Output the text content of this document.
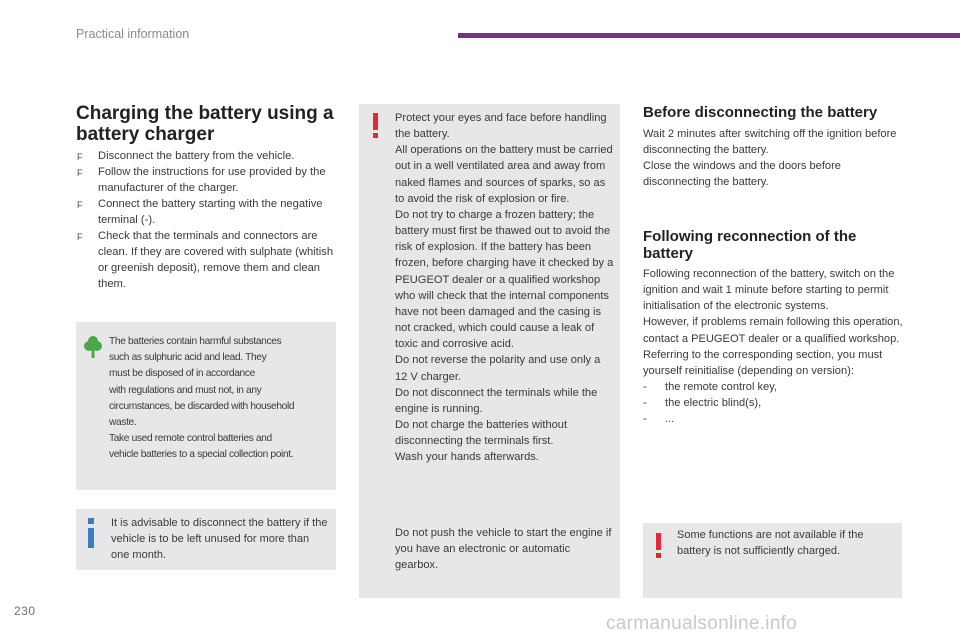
Practical information
Charging the battery using a battery charger
F Disconnect the battery from the vehicle.
F Follow the instructions for use provided by the manufacturer of the charger.
F Connect the battery starting with the negative terminal (-).
F Check that the terminals and connectors are clean. If they are covered with sulphate (whitish or greenish deposit), remove them and clean them.
The batteries contain harmful substances
such as sulphuric acid and lead. They
must be disposed of in accordance
with regulations and must not, in any
circumstances, be discarded with household
waste.
Take used remote control batteries and
vehicle batteries to a special collection point.
It is advisable to disconnect the battery if the vehicle is to be left unused for more than one month.

Protect your eyes and face before handling the battery.

All operations on the battery must be carried out in a well ventilated area and away from naked flames and sources of sparks, so as to avoid the risk of explosion or fire.

Do not try to charge a frozen battery; the battery must first be thawed out to avoid the risk of explosion. If the battery has been frozen, before charging have it checked by a PEUGEOT dealer or a qualified workshop who will check that the internal components have not been damaged and the casing is not cracked, which could cause a leak of toxic and corrosive acid.

Do not reverse the polarity and use only a 12 V charger.

Do not disconnect the terminals while the engine is running.

Do not charge the batteries without disconnecting the terminals first.

Wash your hands afterwards.

Do not push the vehicle to start the engine if you have an electronic or automatic gearbox.
Before disconnecting the battery

Wait 2 minutes after switching off the ignition before disconnecting the battery.

Close the windows and the doors before disconnecting the battery.

Following reconnection of the battery

Following reconnection of the battery, switch on the ignition and wait 1 minute before starting to permit initialisation of the electronic systems.

However, if problems remain following this operation, contact a PEUGEOT dealer or a qualified workshop.

Referring to the corresponding section, you must yourself reinitialise (depending on version):

- the remote control key,
- the electric blind(s),
- ...
Some functions are not available if the battery is not sufficiently charged.
230
carmanualsonline.info
